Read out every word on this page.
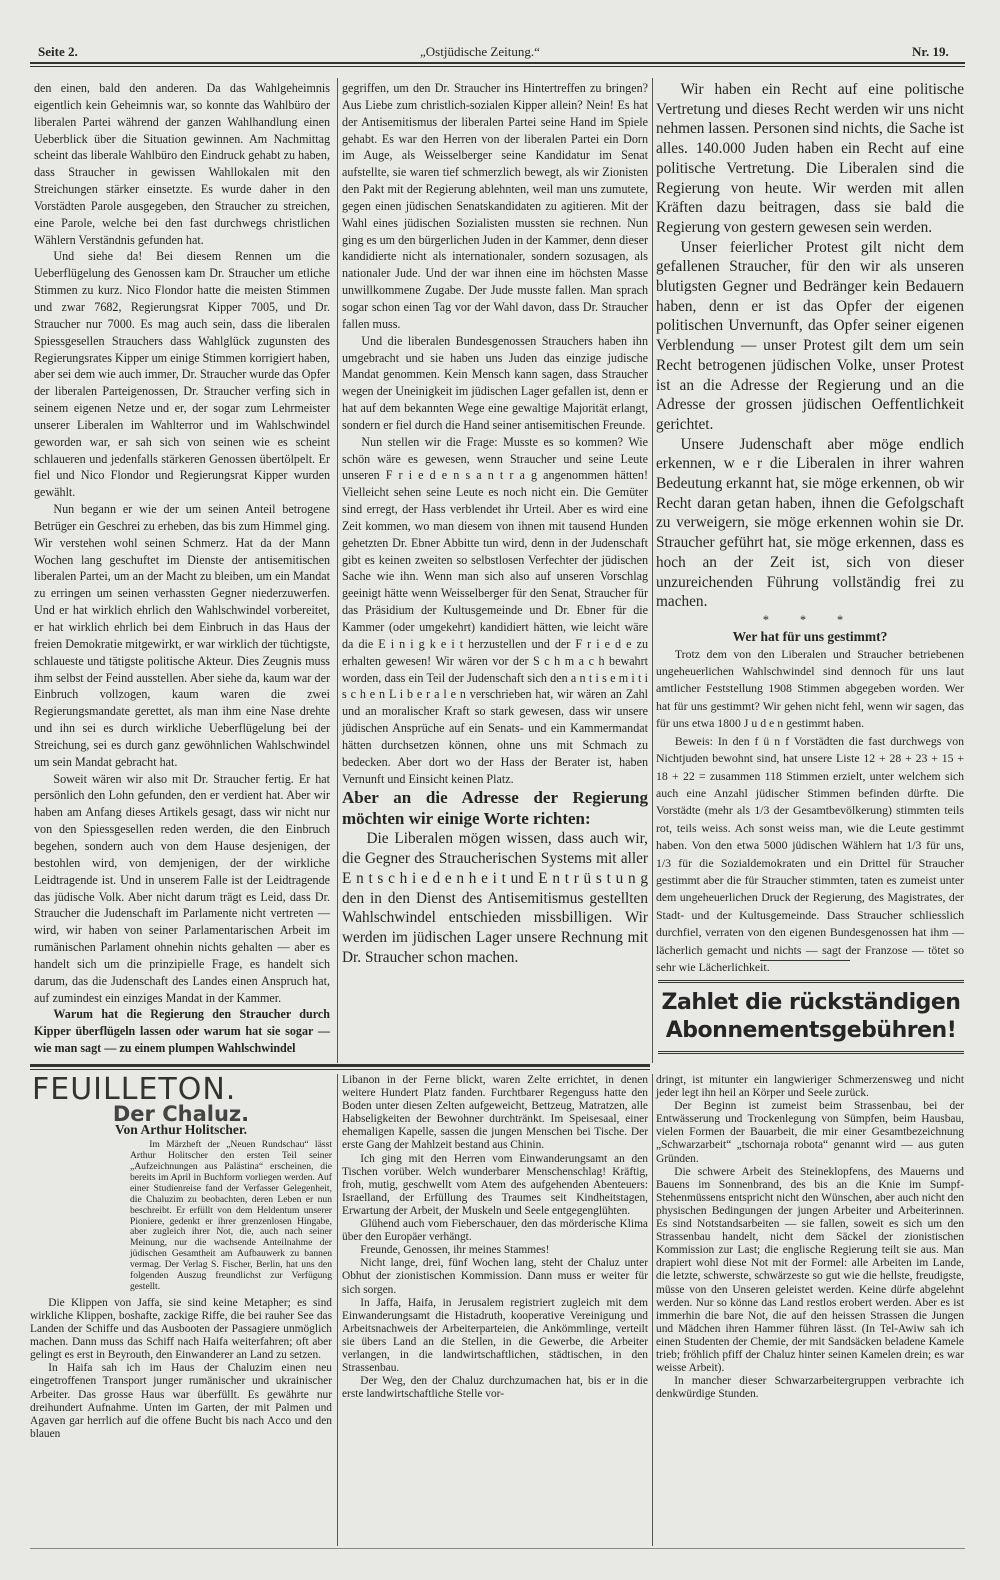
Seite 2.	„Ostjüdische Zeitung.“	Nr. 19.

den einen, bald den anderen. Da das Wahlgeheimnis eigentlich kein Geheimnis war, so konnte das Wahlbüro der liberalen Partei während der ganzen Wahlhandlung einen Ueberblick über die Situation gewinnen. Am Nachmittag scheint das liberale Wahlbüro den Eindruck gehabt zu haben, dass Straucher in gewissen Wahllokalen mit den Streichungen stärker einsetzte. Es wurde daher in den Vorstädten Parole ausgegeben, den Straucher zu streichen, eine Parole, welche bei den fast durchwegs christlichen Wählern Verständnis gefunden hat.

Und siehe da! Bei diesem Rennen um die Ueberflügelung des Genossen kam Dr. Straucher um etliche Stimmen zu kurz. Nico Flondor hatte die meisten Stimmen und zwar 7682, Regierungsrat Kipper 7005, und Dr. Straucher nur 7000. Es mag auch sein, dass die liberalen Spiessgesellen Strauchers dass Wahlglück zugunsten des Regierungsrates Kipper um einige Stimmen korrigiert haben, aber sei dem wie auch immer, Dr. Straucher wurde das Opfer der liberalen Parteigenossen, Dr. Straucher verfing sich in seinem eigenen Netze und er, der sogar zum Lehrmeister unserer Liberalen im Wahlterror und im Wahlschwindel geworden war, er sah sich von seinen wie es scheint schlaueren und jedenfalls stärkeren Genossen übertölpelt. Er fiel und Nico Flondor und Regierungsrat Kipper wurden gewählt.

Nun begann er wie der um seinen Anteil betrogene Betrüger ein Geschrei zu erheben, das bis zum Himmel ging. Wir verstehen wohl seinen Schmerz. Hat da der Mann Wochen lang geschuftet im Dienste der antisemitischen liberalen Partei, um an der Macht zu bleiben, um ein Mandat zu erringen um seinen verhassten Gegner niederzuwerfen. Und er hat wirklich ehrlich den Wahlschwindel vorbereitet, er hat wirklich ehrlich bei dem Einbruch in das Haus der freien Demokratie mitgewirkt, er war wirklich der tüchtigste, schlaueste und tätigste politische Akteur. Dies Zeugnis muss ihm selbst der Feind ausstellen. Aber siehe da, kaum war der Einbruch vollzogen, kaum waren die zwei Regierungsmandate gerettet, als man ihm eine Nase drehte und ihn sei es durch wirkliche Ueberflügelung bei der Streichung, sei es durch ganz gewöhnlichen Wahlschwindel um sein Mandat gebracht hat.

Soweit wären wir also mit Dr. Straucher fertig. Er hat persönlich den Lohn gefunden, den er verdient hat. Aber wir haben am Anfang dieses Artikels gesagt, dass wir nicht nur von den Spiessgesellen reden werden, die den Einbruch begehen, sondern auch von dem Hause desjenigen, der bestohlen wird, von demjenigen, der der wirkliche Leidtragende ist. Und in unserem Falle ist der Leidtragende das jüdische Volk. Aber nicht darum trägt es Leid, dass Dr. Straucher die Judenschaft im Parlamente nicht vertreten — wird, wir haben von seiner Parlamentarischen Arbeit im rumänischen Parlament ohnehin nichts gehalten — aber es handelt sich um die prinzipielle Frage, es handelt sich darum, das die Judenschaft des Landes einen Anspruch hat, auf zumindest ein einziges Mandat in der Kammer.

Warum hat die Regierung den Straucher durch Kipper überflügeln lassen oder warum hat sie sogar — wie man sagt — zu einem plumpen Wahlschwindel

gegriffen, um den Dr. Straucher ins Hintertreffen zu bringen? Aus Liebe zum christlich-sozialen Kipper allein? Nein! Es hat der Antisemitismus der liberalen Partei seine Hand im Spiele gehabt. Es war den Herren von der liberalen Partei ein Dorn im Auge, als Weisselberger seine Kandidatur im Senat aufstellte, sie waren tief schmerzlich bewegt, als wir Zionisten den Pakt mit der Regierung ablehnten, weil man uns zumutete, gegen einen jüdischen Senatskandidaten zu agitieren. Mit der Wahl eines jüdischen Sozialisten mussten sie rechnen. Nun ging es um den bürgerlichen Juden in der Kammer, denn dieser kandidierte nicht als internationaler, sondern sozusagen, als nationaler Jude. Und der war ihnen eine im höchsten Masse unwillkommene Zugabe. Der Jude musste fallen. Man sprach sogar schon einen Tag vor der Wahl davon, dass Dr. Straucher fallen muss.

Und die liberalen Bundesgenossen Strauchers haben ihn umgebracht und sie haben uns Juden das einzige judische Mandat genommen. Kein Mensch kann sagen, dass Straucher wegen der Uneinigkeit im jüdischen Lager gefallen ist, denn er hat auf dem bekannten Wege eine gewaltige Majorität erlangt, sondern er fiel durch die Hand seiner antisemitischen Freunde.

Nun stellen wir die Frage: Musste es so kommen? Wie schön wäre es gewesen, wenn Straucher und seine Leute unseren F r i e d e n s a n t r a g angenommen hätten! Vielleicht sehen seine Leute es noch nicht ein. Die Gemüter sind erregt, der Hass verblendet ihr Urteil. Aber es wird eine Zeit kommen, wo man diesem von ihnen mit tausend Hunden gehetzten Dr. Ebner Abbitte tun wird, denn in der Judenschaft gibt es keinen zweiten so selbstlosen Verfechter der jüdischen Sache wie ihn. Wenn man sich also auf unseren Vorschlag geeinigt hätte wenn Weisselberger für den Senat, Straucher für das Präsidium der Kultusgemeinde und Dr. Ebner für die Kammer (oder umgekehrt) kandidiert hätten, wie leicht wäre da die E i n i g k e i t herzustellen und der F r i e d e zu erhalten gewesen! Wir wären vor der S c h m a c h bewahrt worden, dass ein Teil der Judenschaft sich den a n t i s e m i t i s c h e n L i b e r a l e n verschrieben hat, wir wären an Zahl und an moralischer Kraft so stark gewesen, dass wir unsere jüdischen Ansprüche auf ein Senats- und ein Kammermandat hätten durchsetzen können, ohne uns mit Schmach zu bedecken. Aber dort wo der Hass der Berater ist, haben Vernunft und Einsicht keinen Platz.

Aber an die Adresse der Regierung möchten wir einige Worte richten:

Die Liberalen mögen wissen, dass auch wir, die Gegner des Straucherischen Systems mit aller E n t s c h i e d e n h e i t und E n t r ü s t u n g den in den Dienst des Antisemitismus gestellten Wahlschwindel entschieden missbilligen. Wir werden im jüdischen Lager unsere Rechnung mit Dr. Straucher schon machen.

Wir haben ein Recht auf eine politische Vertretung und dieses Recht werden wir uns nicht nehmen lassen. Personen sind nichts, die Sache ist alles. 140.000 Juden haben ein Recht auf eine politische Vertretung. Die Liberalen sind die Regierung von heute. Wir werden mit allen Kräften dazu beitragen, dass sie bald die Regierung von gestern gewesen sein werden.

Unser feierlicher Protest gilt nicht dem gefallenen Straucher, für den wir als unseren blutigsten Gegner und Bedränger kein Bedauern haben, denn er ist das Opfer der eigenen politischen Unvernunft, das Opfer seiner eigenen Verblendung — unser Protest gilt dem um sein Recht betrogenen jüdischen Volke, unser Protest ist an die Adresse der Regierung und an die Adresse der grossen jüdischen Oeffentlichkeit gerichtet.

Unsere Judenschaft aber möge endlich erkennen, w e r die Liberalen in ihrer wahren Bedeutung erkannt hat, sie möge erkennen, ob wir Recht daran getan haben, ihnen die Gefolgschaft zu verweigern, sie möge erkennen wohin sie Dr. Straucher geführt hat, sie möge erkennen, dass es hoch an der Zeit ist, sich von dieser unzureichenden Führung vollständig frei zu machen.

* * *

Wer hat für uns gestimmt?

Trotz dem von den Liberalen und Straucher betriebenen ungeheuerlichen Wahlschwindel sind dennoch für uns laut amtlicher Feststellung 1908 Stimmen abgegeben worden. Wer hat für uns gestimmt? Wir gehen nicht fehl, wenn wir sagen, das für uns etwa 1800 J u d e n gestimmt haben.

Beweis: In den f ü n f Vorstädten die fast durchwegs von Nichtjuden bewohnt sind, hat unsere Liste 12 + 28 + 23 + 15 + 18 + 22 = zusammen 118 Stimmen erzielt, unter welchem sich auch eine Anzahl jüdischer Stimmen befinden dürfte. Die Vorstädte (mehr als 1/3 der Gesamtbevölkerung) stimmten teils rot, teils weiss. Ach sonst weiss man, wie die Leute gestimmt haben. Von den etwa 5000 jüdischen Wählern hat 1/3 für uns, 1/3 für die Sozialdemokraten und ein Drittel für Straucher gestimmt aber die für Straucher stimmten, taten es zumeist unter dem ungeheuerlichen Druck der Regierung, des Magistrates, der Stadt- und der Kultusgemeinde. Dass Straucher schliesslich durchfiel, verraten von den eigenen Bundesgenossen hat ihm — lächerlich gemacht und nichts — sagt der Franzose — tötet so sehr wie Lächerlichkeit.

Zahlet die rückständigen Abonnementsgebühren!
FEUILLETON.
Der Chaluz.
Von Arthur Holitscher.

Im Märzheft der „Neuen Rundschau“ lässt Arthur Holitscher den ersten Teil seiner „Aufzeichnungen aus Palästina“ erscheinen, die bereits im April in Buchform vorliegen werden. Auf einer Studienreise fand der Verfasser Gelegenheit, die Chaluzim zu beobachten, deren Leben er nun beschreibt. Er erfüllt von dem Heldentum unserer Pioniere, gedenkt er ihrer grenzenlosen Hingabe, aber zugleich ihrer Not, die, auch nach seiner Meinung, nur die wachsende Anteilnahme der jüdischen Gesamtheit am Aufbauwerk zu bannen vermag. Der Verlag S. Fischer, Berlin, hat uns den folgenden Auszug freundlichst zur Verfügung gestellt.

Die Klippen von Jaffa, sie sind keine Metapher; es sind wirkliche Klippen, boshafte, zackige Riffe, die bei rauher See das Landen der Schiffe und das Ausbooten der Passagiere unmöglich machen. Dann muss das Schiff nach Haifa weiterfahren; oft aber gelingt es erst in Beyrouth, den Einwanderer an Land zu setzen.

In Haifa sah ich im Haus der Chaluzim einen neu eingetroffenen Transport junger rumänischer und ukrainischer Arbeiter. Das grosse Haus war überfüllt. Es gewährte nur dreihundert Aufnahme. Unten im Garten, der mit Palmen und Agaven gar herrlich auf die offene Bucht bis nach Acco und den blauen

Libanon in der Ferne blickt, waren Zelte errichtet, in denen weitere Hundert Platz fanden. Furchtbarer Regenguss hatte den Boden unter diesen Zelten aufgeweicht, Bettzeug, Matratzen, alle Habseligkeiten der Bewohner durchtränkt. Im Speisesaal, einer ehemaligen Kapelle, sassen die jungen Menschen bei Tische. Der erste Gang der Mahlzeit bestand aus Chinin.

Ich ging mit den Herren vom Einwanderungsamt an den Tischen vorüber. Welch wunderbarer Menschenschlag! Kräftig, froh, mutig, geschwellt vom Atem des aufgehenden Abenteuers: Israelland, der Erfüllung des Traumes seit Kindheitstagen, Erwartung der Arbeit, der Muskeln und Seele entgegenglühten.

Glühend auch vom Fieberschauer, den das mörderische Klima über den Europäer verhängt.

Freunde, Genossen, ihr meines Stammes!

Nicht lange, drei, fünf Wochen lang, steht der Chaluz unter Obhut der zionistischen Kommission. Dann muss er weiter für sich sorgen.

In Jaffa, Haifa, in Jerusalem registriert zugleich mit dem Einwanderungsamt die Histadruth, kooperative Vereinigung und Arbeitsnachweis der Arbeiterparteien, die Ankömmlinge, verteilt sie übers Land an die Stellen, in die Gewerbe, die Arbeiter verlangen, in die landwirtschaftlichen, städtischen, in den Strassenbau.

Der Weg, den der Chaluz durchzumachen hat, bis er in die erste landwirtschaftliche Stelle vor-

dringt, ist mitunter ein langwieriger Schmerzensweg und nicht jeder legt ihn heil an Körper und Seele zurück.

Der Beginn ist zumeist beim Strassenbau, bei der Entwässerung und Trockenlegung von Sümpfen, beim Hausbau, vielen Formen der Bauarbeit, die mir einer Gesamtbezeichnung „Schwarzarbeit“ „tschornaja robota“ genannt wird — aus guten Gründen.

Die schwere Arbeit des Steineklopfens, des Mauerns und Bauens im Sonnenbrand, des bis an die Knie im Sumpf-Stehenmüssens entspricht nicht den Wünschen, aber auch nicht den physischen Bedingungen der jungen Arbeiter und Arbeiterinnen. Es sind Notstandsarbeiten — sie fallen, soweit es sich um den Strassenbau handelt, nicht dem Säckel der zionistischen Kommission zur Last; die englische Regierung teilt sie aus. Man drapiert wohl diese Not mit der Formel: alle Arbeiten im Lande, die letzte, schwerste, schwärzeste so gut wie die hellste, freudigste, müsse von den Unseren geleistet werden. Keine dürfe abgelehnt werden. Nur so könne das Land restlos erobert werden. Aber es ist immerhin die bare Not, die auf den heissen Strassen die Jungen und Mädchen ihren Hammer führen lässt. (In Tel-Awiw sah ich einen Studenten der Chemie, der mit Sandsäcken beladene Kamele trieb; fröhlich pfiff der Chaluz hinter seinen Kamelen drein; es war weisse Arbeit).

In mancher dieser Schwarzarbeitergruppen verbrachte ich denkwürdige Stunden.
